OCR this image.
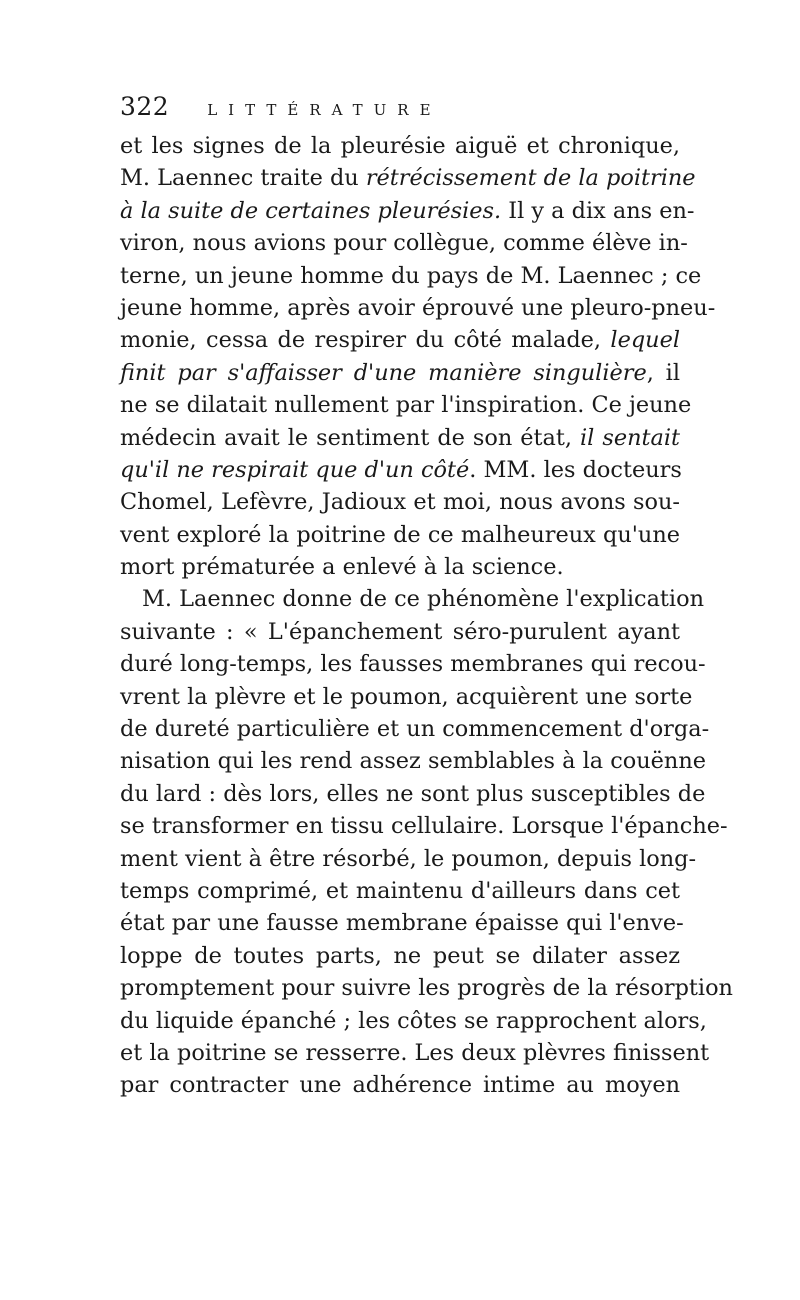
322	LITTÉRATURE
et les signes de la pleurésie aiguë et chronique,
M. Laennec traite du rétrécissement de la poitrine
à la suite de certaines pleurésies. Il y a dix ans en-
viron, nous avions pour collègue, comme élève in-
terne, un jeune homme du pays de M. Laennec ; ce
jeune homme, après avoir éprouvé une pleuro-pneu-
monie, cessa de respirer du côté malade, lequel
finit par s'affaisser d'une manière singulière, il
ne se dilatait nullement par l'inspiration. Ce jeune
médecin avait le sentiment de son état, il sentait
qu'il ne respirait que d'un côté. MM. les docteurs
Chomel, Lefèvre, Jadioux et moi, nous avons sou-
vent exploré la poitrine de ce malheureux qu'une
mort prématurée a enlevé à la science.
M. Laennec donne de ce phénomène l'explication
suivante : « L'épanchement séro-purulent ayant
duré long-temps, les fausses membranes qui recou-
vrent la plèvre et le poumon, acquièrent une sorte
de dureté particulière et un commencement d'orga-
nisation qui les rend assez semblables à la couënne
du lard : dès lors, elles ne sont plus susceptibles de
se transformer en tissu cellulaire. Lorsque l'épanche-
ment vient à être résorbé, le poumon, depuis long-
temps comprimé, et maintenu d'ailleurs dans cet
état par une fausse membrane épaisse qui l'enve-
loppe de toutes parts, ne peut se dilater assez
promptement pour suivre les progrès de la résorption
du liquide épanché ; les côtes se rapprochent alors,
et la poitrine se resserre. Les deux plèvres finissent
par contracter une adhérence intime au moyen
